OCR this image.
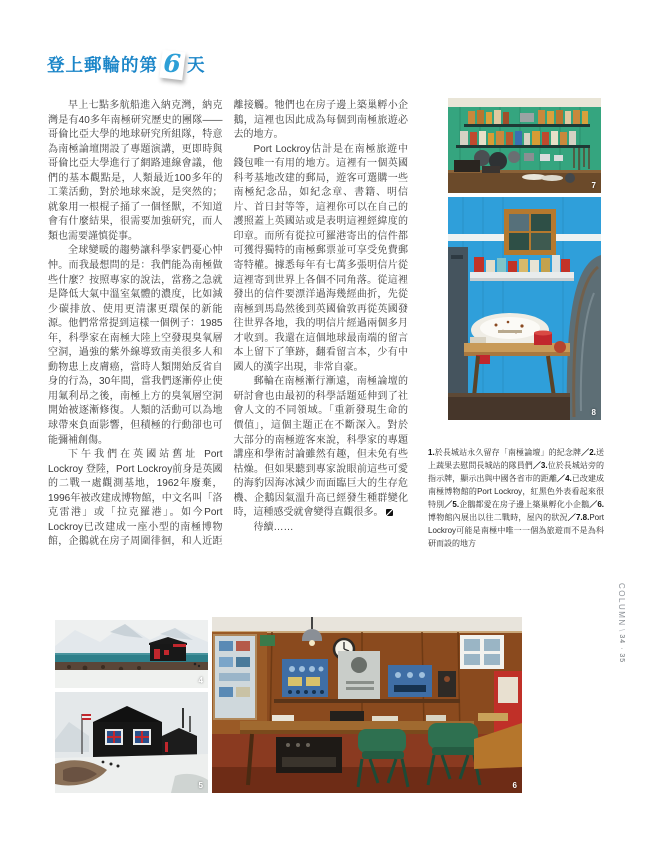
登上郵輪的第 6 天

早上七點多航船進入納克灣，納克灣是有40多年南極研究歷史的團隊——哥倫比亞大學的地球研究所組隊，特意為南極論壇開設了專題演講，更即時與哥倫比亞大學進行了網路連線會議，他們的基本觀點是，人類最近100多年的工業活動，對於地球來說，是突然的；就象用一根棍子捅了一個怪獸，不知道會有什麼結果，很需要加強研究，而人類也需要謹慎從事。

全球變暖的趨勢讓科學家們憂心忡忡。而我最想問的是：我們能為南極做些什麼？按照專家的說法，當務之急就是降低大氣中溫室氣體的濃度，比如減少碳排放、使用更清潔更環保的新能源。他們常常提到這樣一個例子：1985年，科學家在南極大陸上空發現臭氧層空洞，過強的紫外線導致南美很多人和動物患上皮膚癌，當時人類開始反省自身的行為，30年間，當我們逐漸停止使用氟利昂之後，南極上方的臭氧層空洞開始被逐漸修復。人類的活動可以為地球帶來負面影響，但積極的行動卻也可能彌補創傷。

下午我們在英國站舊址 Port Lockroy 登陸，Port Lockroy前身是英國的二戰一處觀測基地，1962年廢棄，1996年被改建成博物館，中文名叫「洛克雷港」或「拉克羅港」。如今Port Lockroy已改建成一座小型的南極博物館，企鵝就在房子周圍徘徊，和人近距離接觸。牠們也在房子邊上築巢孵小企鵝，這裡也因此成為每個到南極旅遊必去的地方。

Port Lockroy估計是在南極旅遊中錢包唯一有用的地方。這裡有一個英國科考基地改建的郵局，遊客可選購一些南極紀念品，如紀念章、書籍、明信片、首日封等等，這裡你可以在自己的護照蓋上英國站或是表明這裡經緯度的印章。而所有從拉可羅港寄出的信件都可獲得獨特的南極郵票並可享受免費郵寄特權。據悉每年有七萬多張明信片從這裡寄到世界上各個不同角落。從這裡發出的信件要漂洋過海幾經曲折，先從南極到馬島然後到英國倫敦再從英國發往世界各地，我的明信片經過兩個多月才收到。我還在這個地球最南端的留言本上留下了筆跡，翻看留言本，少有中國人的漢字出現，非常自豪。

郵輪在南極漸行漸遠，南極論壇的研討會也由最初的科學話題延伸到了社會人文的不同領域。「重新發現生命的價值」，這個主題正在不斷深入。對於大部分的南極遊客來說，科學家的專題講座和學術討論雖然有趣，但未免有些枯燥。但如果聽到專家說眼前這些可愛的海豹因海冰減少而面臨巨大的生存危機、企鵝因氣溫升高已經發生種群變化時，這種感受就會變得直觀很多。

待續……

7
8

1.於長城站永久留存「南極論壇」的紀念牌／2.送上蔬果去慰問長城站的隊員們／3.位於長城站旁的指示牌，顯示出與中國各省市的距離／4.已改建成南極博物館的Port Lockroy，紅黑色外表看起來很特別／5.企鵝都愛在房子邊上築巢孵化小企鵝／6.博物館內展出以往二戰時，屋內的狀況／7.8.Port Lockroy可能是南極中唯一一個為旅遊而不是為科研而設的地方

COLUMN\34 · 35
4
5	6
